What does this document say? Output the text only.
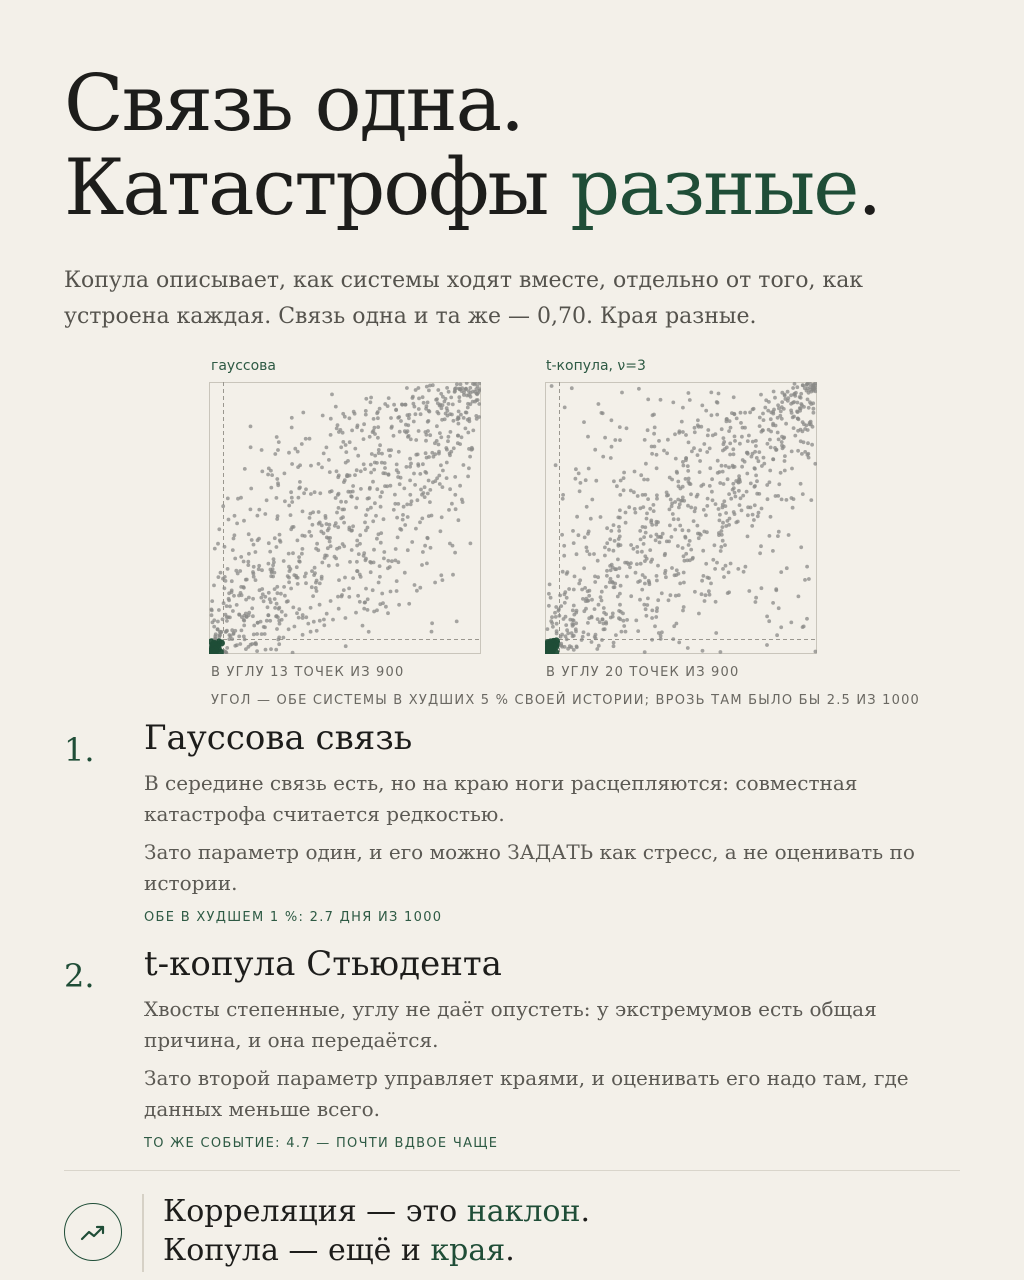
Связь одна.
Катастрофы разные.

Копула описывает, как системы ходят вместе, отдельно от того, как устроена каждая. Связь одна и та же — 0,70. Края разные.

гауссова
В УГЛУ 13 ТОЧЕК ИЗ 900
t-копула, ν=3
В УГЛУ 20 ТОЧЕК ИЗ 900
УГОЛ — ОБЕ СИСТЕМЫ В ХУДШИХ 5 % СВОЕЙ ИСТОРИИ; ВРОЗЬ ТАМ БЫЛО БЫ 2.5 ИЗ 1000
1. Гауссова связь

В середине связь есть, но на краю ноги расцепляются: совместная катастрофа считается редкостью.

Зато параметр один, и его можно ЗАДАТЬ как стресс, а не оценивать по истории.

ОБЕ В ХУДШЕМ 1 %: 2.7 ДНЯ ИЗ 1000
2. t-копула Стьюдента

Хвосты степенные, углу не даёт опустеть: у экстремумов есть общая причина, и она передаётся.

Зато второй параметр управляет краями, и оценивать его надо там, где данных меньше всего.

ТО ЖЕ СОБЫТИЕ: 4.7 — ПОЧТИ ВДВОЕ ЧАЩЕ

Корреляция — это наклон.

Копула — ещё и края.
